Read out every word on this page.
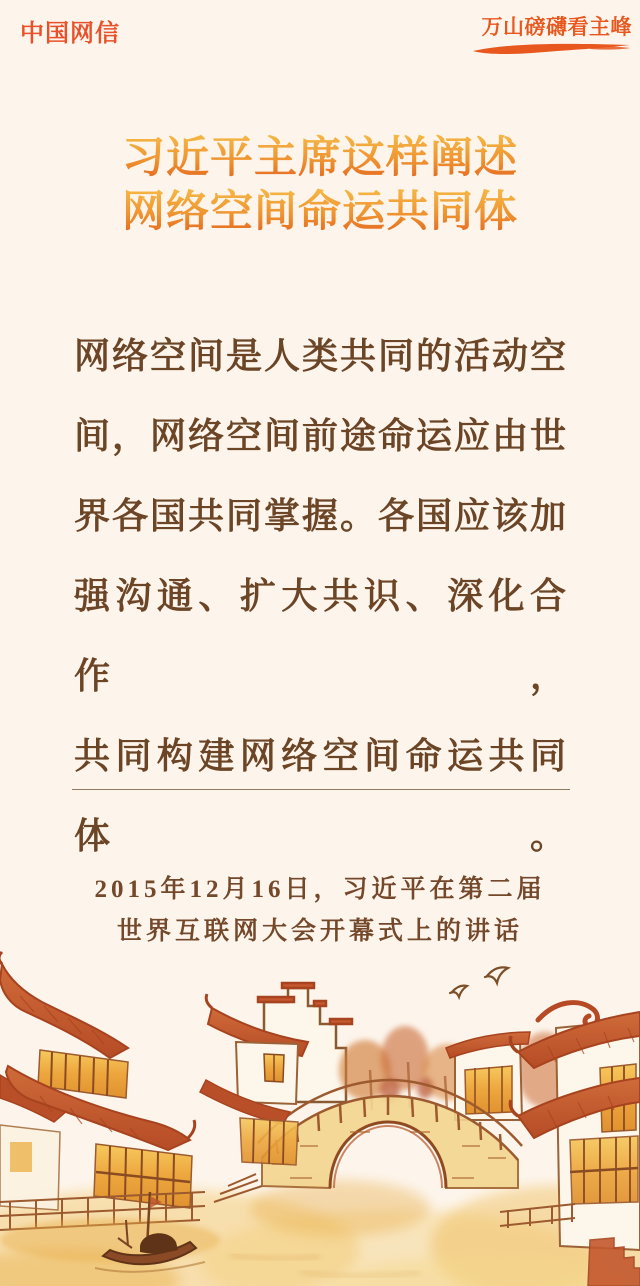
中国网信	万山磅礴看主峰
习近平主席这样阐述
网络空间命运共同体
网络空间是人类共同的活动空
间，网络空间前途命运应由世
界各国共同掌握。各国应该加
强沟通、扩大共识、深化合作，
共同构建网络空间命运共同体。
2015年12月16日，习近平在第二届
世界互联网大会开幕式上的讲话
